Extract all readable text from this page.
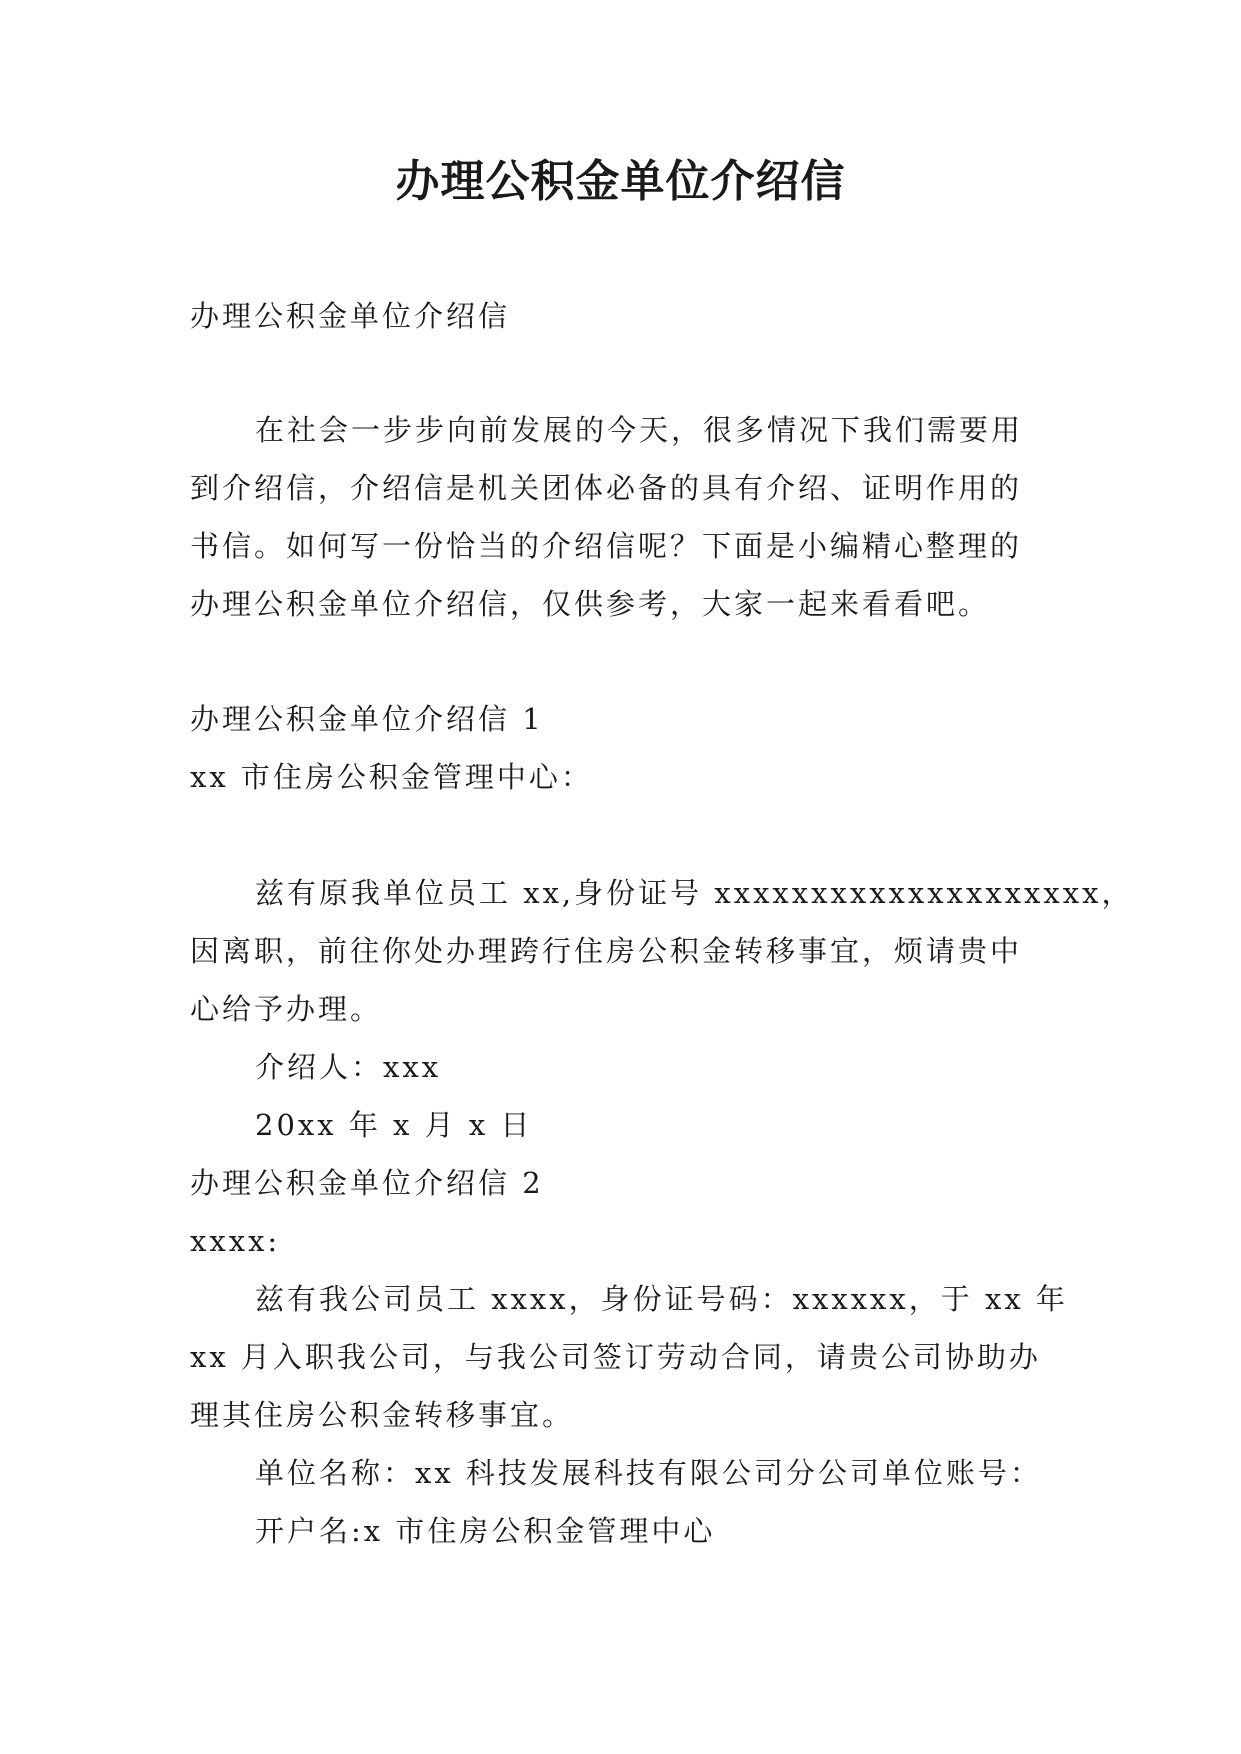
办理公积金单位介绍信
办理公积金单位介绍信
在社会一步步向前发展的今天，很多情况下我们需要用
到介绍信，介绍信是机关团体必备的具有介绍、证明作用的
书信。如何写一份恰当的介绍信呢？下面是小编精心整理的
办理公积金单位介绍信，仅供参考，大家一起来看看吧。
办理公积金单位介绍信 1
xx 市住房公积金管理中心：
兹有原我单位员工 xx,身份证号 xxxxxxxxxxxxxxxxxxxx，
因离职，前往你处办理跨行住房公积金转移事宜，烦请贵中
心给予办理。
介绍人：xxx
20xx 年 x 月 x 日
办理公积金单位介绍信 2
xxxx:
兹有我公司员工 xxxx，身份证号码：xxxxxx，于 xx 年
xx 月入职我公司，与我公司签订劳动合同，请贵公司协助办
理其住房公积金转移事宜。
单位名称：xx 科技发展科技有限公司分公司单位账号：
开户名:x 市住房公积金管理中心
